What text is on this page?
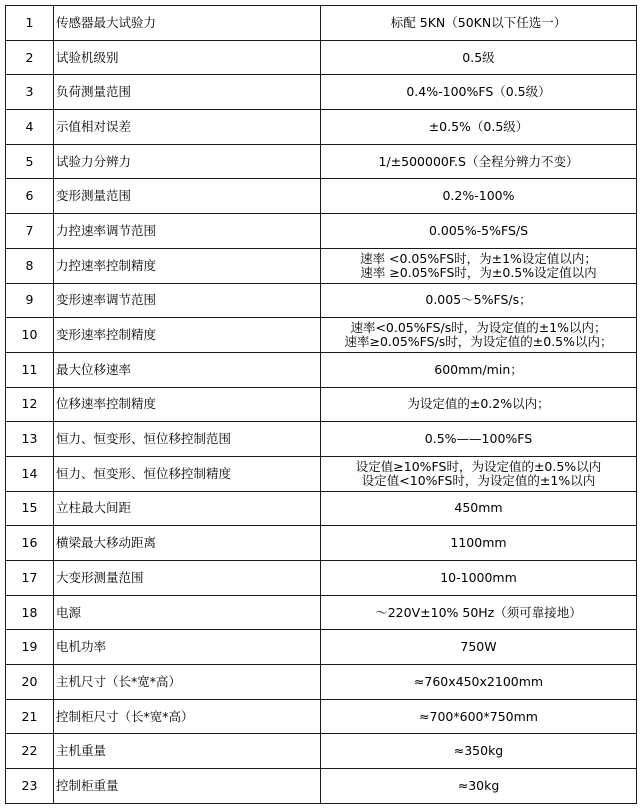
1	传感器最大试验力	标配 5KN（50KN以下任选一）

2	试验机级别	0.5级

3	负荷测量范围	0.4%-100%FS（0.5级）

4	示值相对误差	±0.5%（0.5级）

5	试验力分辨力	1/±500000F.S（全程分辨力不变）

6	变形测量范围	0.2%-100%

7	力控速率调节范围	0.005%-5%FS/S

8	力控速率控制精度	速率 <0.05%FS时，为±1%设定值以内；
速率 ≥0.05%FS时，为±0.5%设定值以内

9	变形速率调节范围	0.005～5%FS/s；

10	变形速率控制精度	速率<0.05%FS/s时，为设定值的±1%以内；
速率≥0.05%FS/s时，为设定值的±0.5%以内；

11	最大位移速率	600mm/min；

12	位移速率控制精度	为设定值的±0.2%以内；

13	恒力、恒变形、恒位移控制范围	0.5%——100%FS

14	恒力、恒变形、恒位移控制精度	设定值≥10%FS时，为设定值的±0.5%以内
设定值<10%FS时，为设定值的±1%以内

15	立柱最大间距	450mm

16	横梁最大移动距离	1100mm

17	大变形测量范围	10-1000mm

18	电源	～220V±10% 50Hz（须可靠接地）

19	电机功率	750W

20	主机尺寸（长*宽*高）	≈760x450x2100mm

21	控制柜尺寸（长*宽*高）	≈700*600*750mm

22	主机重量	≈350kg

23	控制柜重量	≈30kg
